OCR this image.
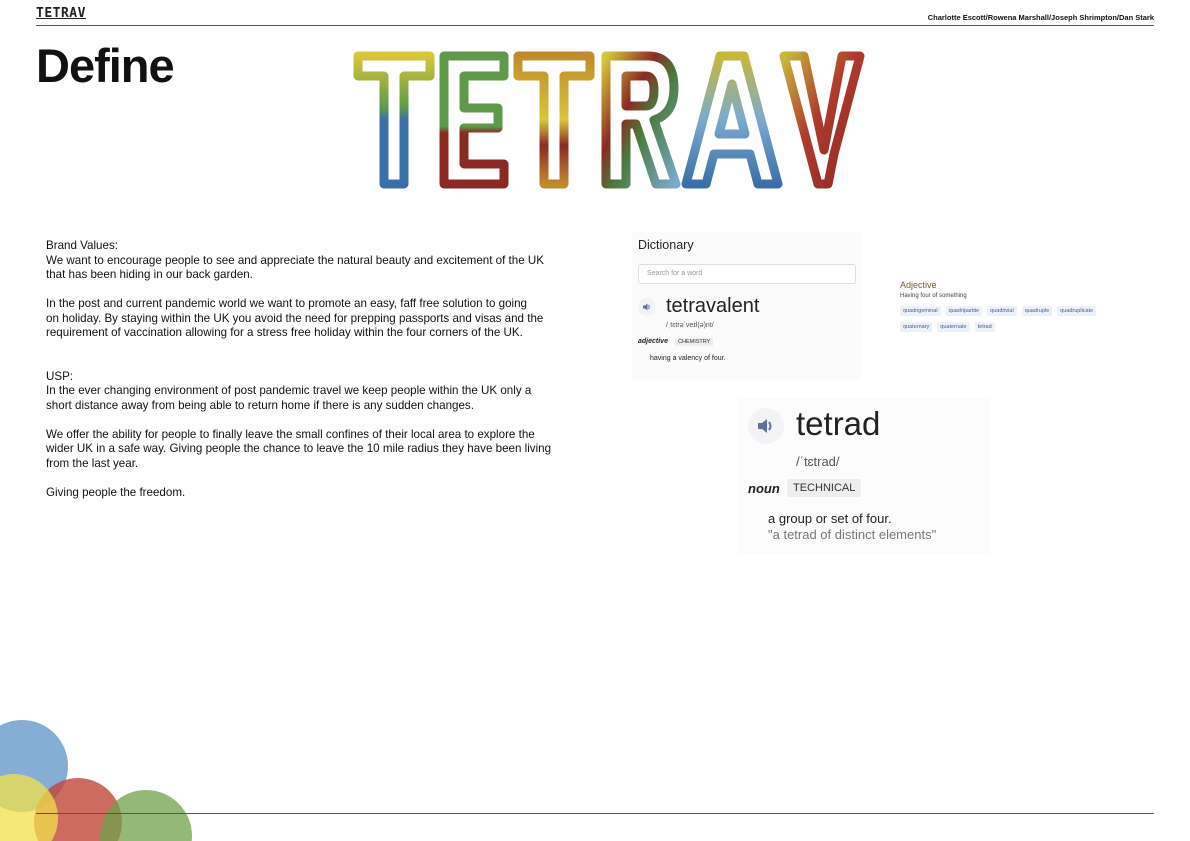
TETRAV	Charlotte Escott/Rowena Marshall/Joseph Shrimpton/Dan Stark
Define

Brand Values:

We want to encourage people to see and appreciate the natural beauty and excitement of the UK

that has been hiding in our back garden.

In the post and current pandemic world we want to promote an easy, faff free solution to going

on holiday. By staying within the UK you avoid the need for prepping passports and visas and the

requirement of vaccination allowing for a stress free holiday within the four corners of the UK.

USP:

In the ever changing environment of post pandemic travel we keep people within the UK only a

short distance away from being able to return home if there is any sudden changes.

We offer the ability for people to finally leave the small confines of their local area to explore the

wider UK in a safe way. Giving people the chance to leave the 10 mile radius they have been living

from the last year.

Giving people the freedom.

Dictionary
Search for a word
tetravalent
/ˌtɛtrəˈveɪl(ə)nt/
adjective	CHEMISTRY
having a valency of four.
Adjective
Having four of something
quadrigeminal	quadripartite	quadrivial	quadruple	quadruplicate
quaternary	quaternate	tetrad
tetrad
/ˈtɛtrad/
noun	TECHNICAL
a group or set of four.
"a tetrad of distinct elements"
